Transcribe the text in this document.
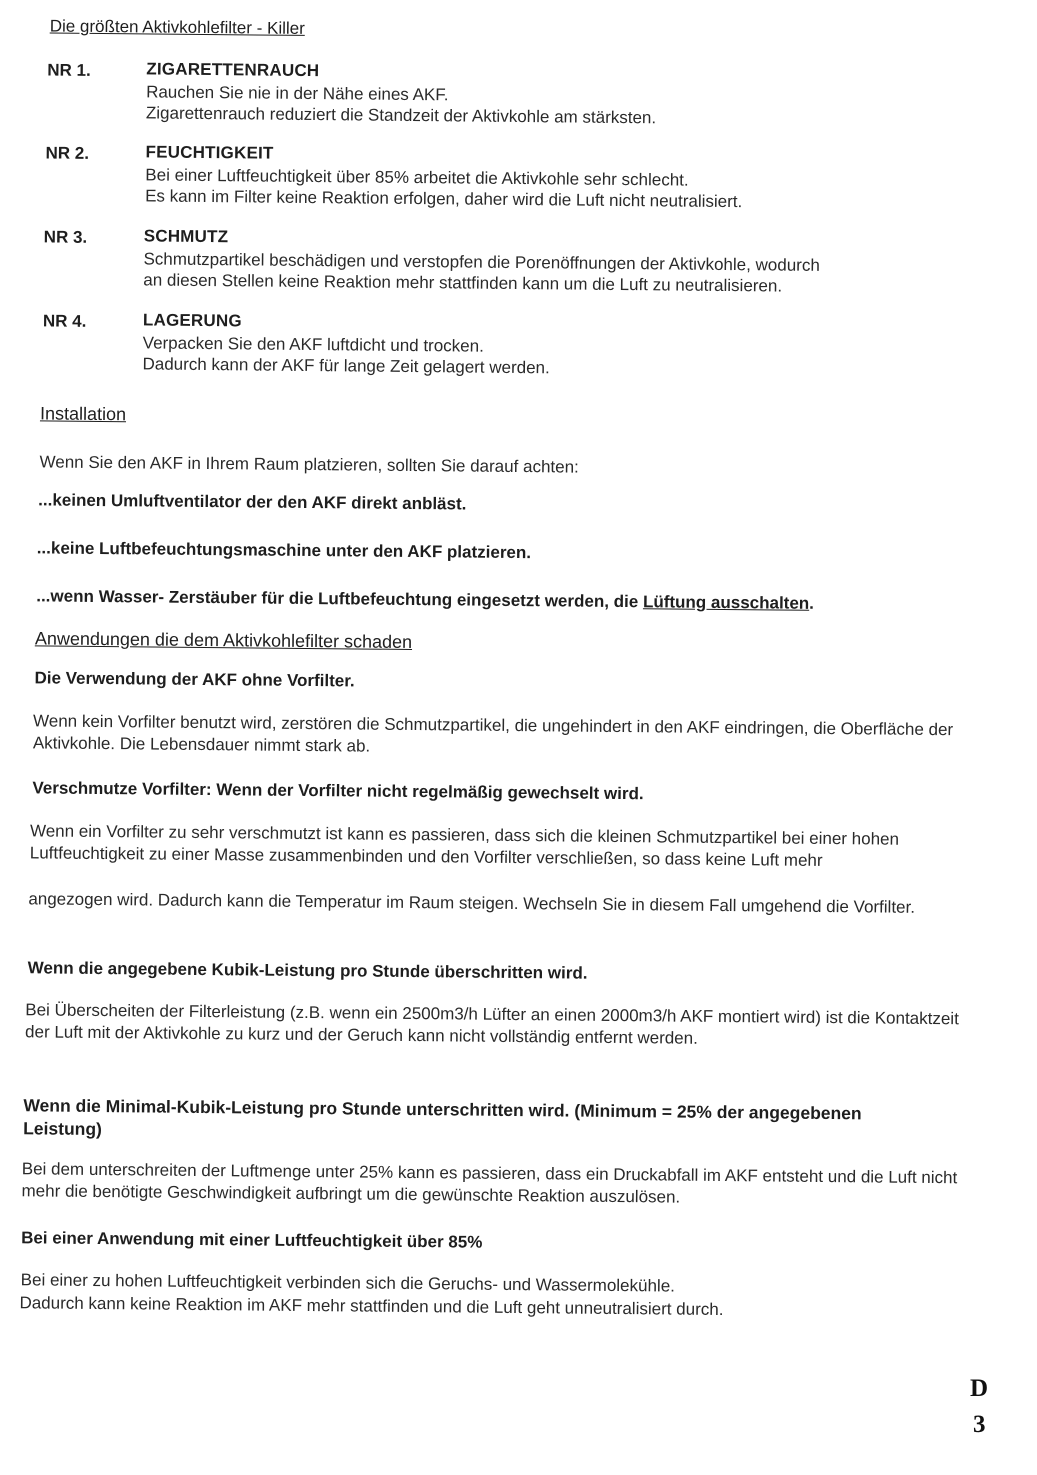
Die größten Aktivkohlefilter - Killer
NR 1.	ZIGARETTENRAUCH
Rauchen Sie nie in der Nähe eines AKF.
Zigarettenrauch reduziert die Standzeit der Aktivkohle am stärksten.
NR 2.	FEUCHTIGKEIT
Bei einer Luftfeuchtigkeit über 85% arbeitet die Aktivkohle sehr schlecht.
Es kann im Filter keine Reaktion erfolgen, daher wird die Luft nicht neutralisiert.
NR 3.	SCHMUTZ
Schmutzpartikel beschädigen und verstopfen die Porenöffnungen der Aktivkohle, wodurch
an diesen Stellen keine Reaktion mehr stattfinden kann um die Luft zu neutralisieren.
NR 4.	LAGERUNG
Verpacken Sie den AKF luftdicht und trocken.
Dadurch kann der AKF für lange Zeit gelagert werden.
Installation
Wenn Sie den AKF in Ihrem Raum platzieren, sollten Sie darauf achten:
...keinen Umluftventilator der den AKF direkt anbläst.
...keine Luftbefeuchtungsmaschine unter den AKF platzieren.
...wenn Wasser- Zerstäuber für die Luftbefeuchtung eingesetzt werden, die Lüftung ausschalten.
Anwendungen die dem Aktivkohlefilter schaden
Die Verwendung der AKF ohne Vorfilter.
Wenn kein Vorfilter benutzt wird, zerstören die Schmutzpartikel, die ungehindert in den AKF eindringen, die Oberfläche der Aktivkohle. Die Lebensdauer nimmt stark ab.
Verschmutze Vorfilter: Wenn der Vorfilter nicht regelmäßig gewechselt wird.
Wenn ein Vorfilter zu sehr verschmutzt ist kann es passieren, dass sich die kleinen Schmutzpartikel bei einer hohen Luftfeuchtigkeit zu einer Masse zusammenbinden und den Vorfilter verschließen, so dass keine Luft mehr
angezogen wird. Dadurch kann die Temperatur im Raum steigen. Wechseln Sie in diesem Fall umgehend die Vorfilter.
Wenn die angegebene Kubik-Leistung pro Stunde überschritten wird.
Bei Überscheiten der Filterleistung (z.B. wenn ein 2500m3/h Lüfter an einen 2000m3/h AKF montiert wird) ist die Kontaktzeit der Luft mit der Aktivkohle zu kurz und der Geruch kann nicht vollständig entfernt werden.
Wenn die Minimal-Kubik-Leistung pro Stunde unterschritten wird. (Minimum = 25% der angegebenen Leistung)
Bei dem unterschreiten der Luftmenge unter 25% kann es passieren, dass ein Druckabfall im AKF entsteht und die Luft nicht mehr die benötigte Geschwindigkeit aufbringt um die gewünschte Reaktion auszulösen.
Bei einer Anwendung mit einer Luftfeuchtigkeit über 85%
Bei einer zu hohen Luftfeuchtigkeit verbinden sich die Geruchs- und Wassermolekühle.
Dadurch kann keine Reaktion im AKF mehr stattfinden und die Luft geht unneutralisiert durch.
D
3
